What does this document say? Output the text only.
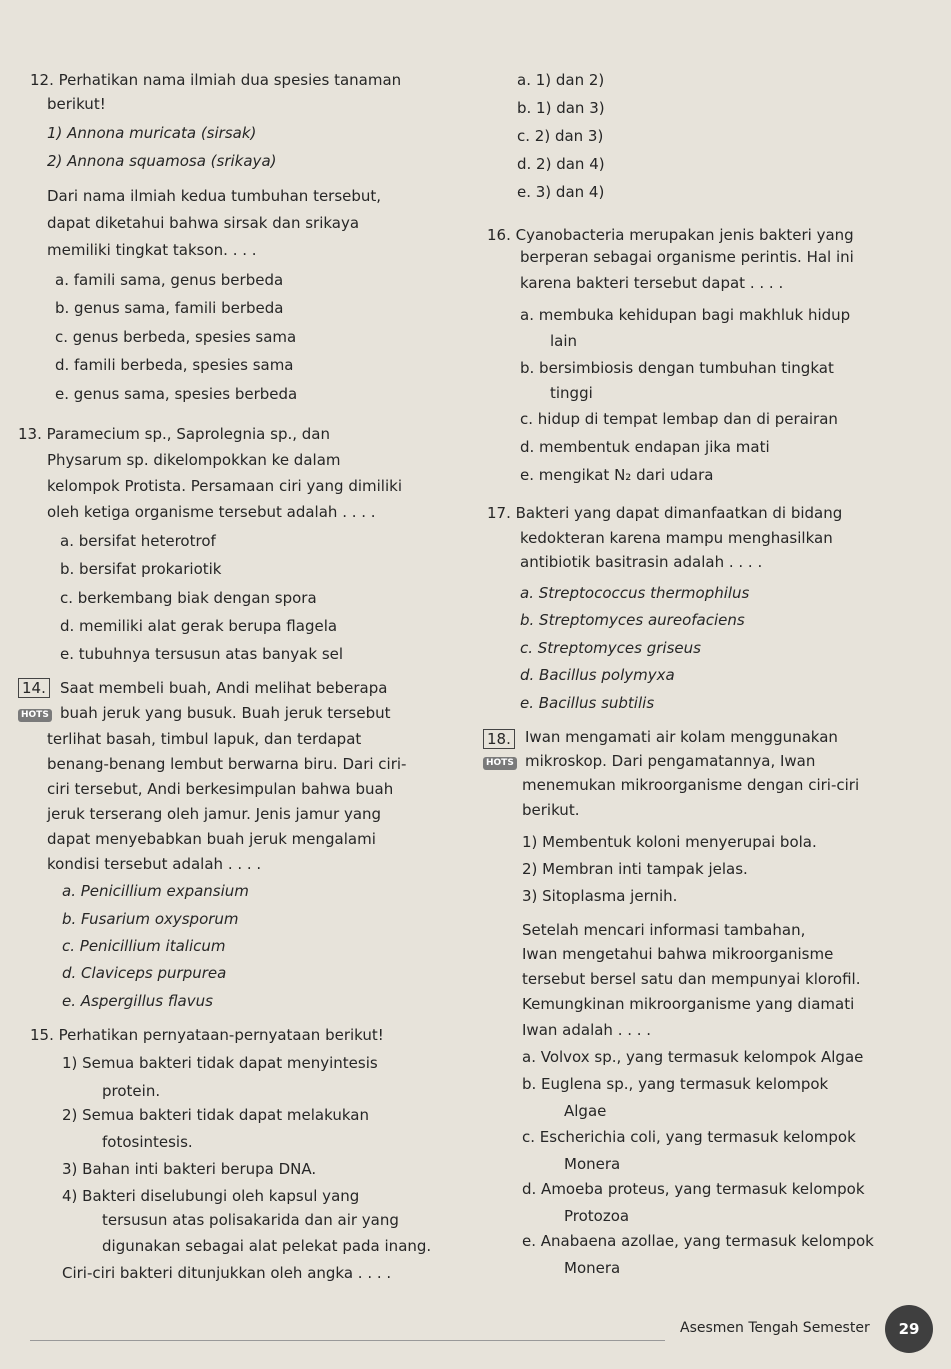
12. Perhatikan nama ilmiah dua spesies tanaman
berikut!
1) Annona muricata (sirsak)
2) Annona squamosa (srikaya)
Dari nama ilmiah kedua tumbuhan tersebut,
dapat diketahui bahwa sirsak dan srikaya
memiliki tingkat takson. . . .
a. famili sama, genus berbeda
b. genus sama, famili berbeda
c. genus berbeda, spesies sama
d. famili berbeda, spesies sama
e. genus sama, spesies berbeda
13. Paramecium sp., Saprolegnia sp., dan
Physarum sp. dikelompokkan ke dalam
kelompok Protista. Persamaan ciri yang dimiliki
oleh ketiga organisme tersebut adalah . . . .
a. bersifat heterotrof
b. bersifat prokariotik
c. berkembang biak dengan spora
d. memiliki alat gerak berupa flagela
e. tubuhnya tersusun atas banyak sel
14. Saat membeli buah, Andi melihat beberapa
HOTS buah jeruk yang busuk. Buah jeruk tersebut
terlihat basah, timbul lapuk, dan terdapat
benang-benang lembut berwarna biru. Dari ciri-
ciri tersebut, Andi berkesimpulan bahwa buah
jeruk terserang oleh jamur. Jenis jamur yang
dapat menyebabkan buah jeruk mengalami
kondisi tersebut adalah . . . .
a. Penicillium expansium
b. Fusarium oxysporum
c. Penicillium italicum
d. Claviceps purpurea
e. Aspergillus flavus
15. Perhatikan pernyataan-pernyataan berikut!
1) Semua bakteri tidak dapat menyintesis
protein.
2) Semua bakteri tidak dapat melakukan
fotosintesis.
3) Bahan inti bakteri berupa DNA.
4) Bakteri diselubungi oleh kapsul yang
tersusun atas polisakarida dan air yang
digunakan sebagai alat pelekat pada inang.
Ciri-ciri bakteri ditunjukkan oleh angka . . . .
a. 1) dan 2)
b. 1) dan 3)
c. 2) dan 3)
d. 2) dan 4)
e. 3) dan 4)
16. Cyanobacteria merupakan jenis bakteri yang
berperan sebagai organisme perintis. Hal ini
karena bakteri tersebut dapat . . . .
a. membuka kehidupan bagi makhluk hidup
lain
b. bersimbiosis dengan tumbuhan tingkat
tinggi
c. hidup di tempat lembap dan di perairan
d. membentuk endapan jika mati
e. mengikat N₂ dari udara
17. Bakteri yang dapat dimanfaatkan di bidang
kedokteran karena mampu menghasilkan
antibiotik basitrasin adalah . . . .
a. Streptococcus thermophilus
b. Streptomyces aureofaciens
c. Streptomyces griseus
d. Bacillus polymyxa
e. Bacillus subtilis
18. Iwan mengamati air kolam menggunakan
HOTS mikroskop. Dari pengamatannya, Iwan
menemukan mikroorganisme dengan ciri-ciri
berikut.
1) Membentuk koloni menyerupai bola.
2) Membran inti tampak jelas.
3) Sitoplasma jernih.
Setelah mencari informasi tambahan,
Iwan mengetahui bahwa mikroorganisme
tersebut bersel satu dan mempunyai klorofil.
Kemungkinan mikroorganisme yang diamati
Iwan adalah . . . .
a. Volvox sp., yang termasuk kelompok Algae
b. Euglena sp., yang termasuk kelompok
Algae
c. Escherichia coli, yang termasuk kelompok
Monera
d. Amoeba proteus, yang termasuk kelompok
Protozoa
e. Anabaena azollae, yang termasuk kelompok
Monera
Asesmen Tengah Semester	29
